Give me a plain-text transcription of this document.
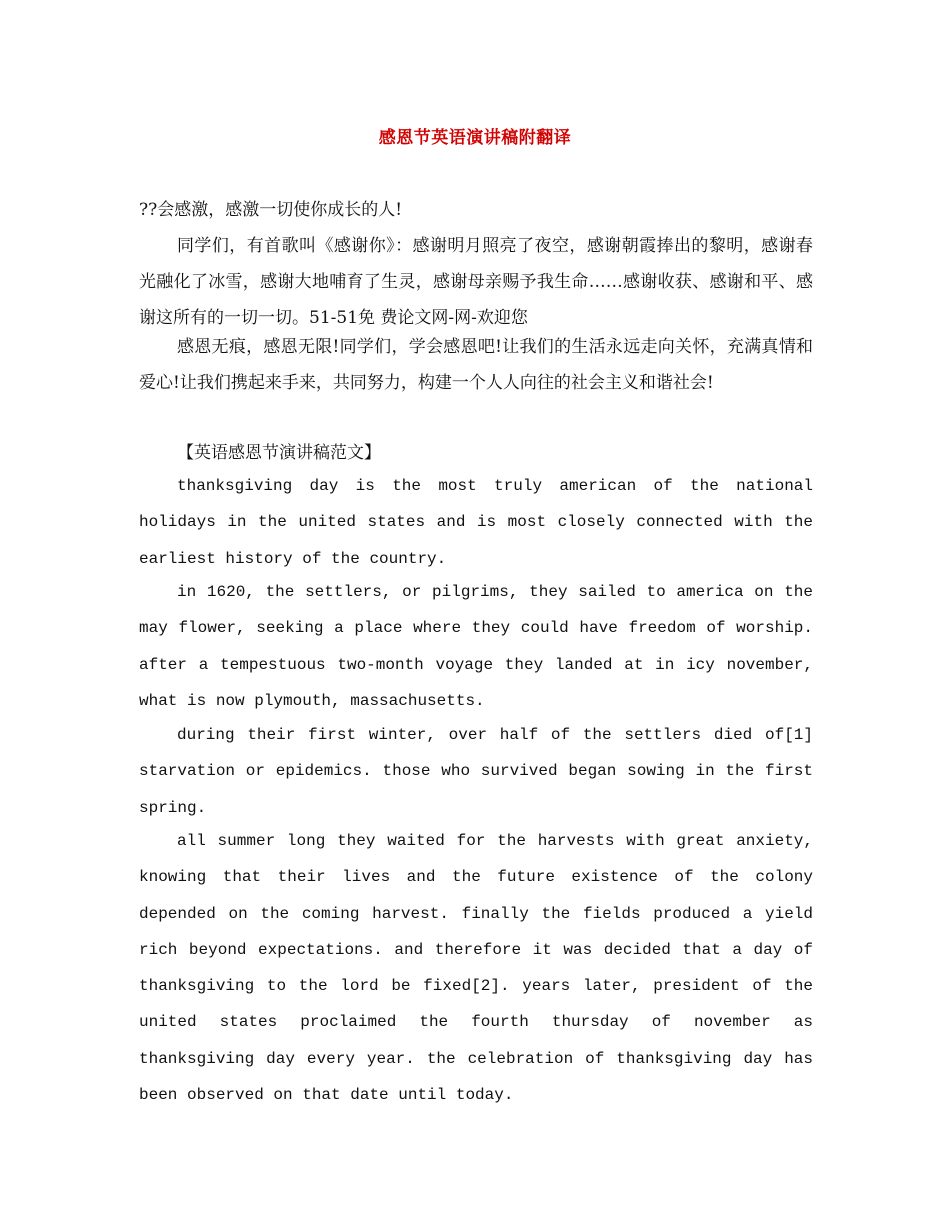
感恩节英语演讲稿附翻译
??会感激，感激一切使你成长的人!
同学们，有首歌叫《感谢你》：感谢明月照亮了夜空，感谢朝霞捧出的黎明，感谢春光融化了冰雪，感谢大地哺育了生灵，感谢母亲赐予我生命……感谢收获、感谢和平、感谢这所有的一切一切。51-51免 费论文网-网-欢迎您
感恩无痕，感恩无限!同学们，学会感恩吧!让我们的生活永远走向关怀，充满真情和爱心!让我们携起来手来，共同努力，构建一个人人向往的社会主义和谐社会!
【英语感恩节演讲稿范文】
thanksgiving day is the most truly american of the national holidays in the united states and is most closely connected with the earliest history of the country.
in 1620, the settlers, or pilgrims, they sailed to america on the may flower, seeking a place where they could have freedom of worship. after a tempestuous two-month voyage they landed at in icy november, what is now plymouth, massachusetts.
during their first winter, over half of the settlers died of[1] starvation or epidemics. those who survived began sowing in the first spring.
all summer long they waited for the harvests with great anxiety, knowing that their lives and the future existence of the colony depended on the coming harvest. finally the fields produced a yield rich beyond expectations. and therefore it was decided that a day of thanksgiving to the lord be fixed[2]. years later, president of the united states proclaimed the fourth thursday of november as thanksgiving day every year. the celebration of thanksgiving day has been observed on that date until today.
